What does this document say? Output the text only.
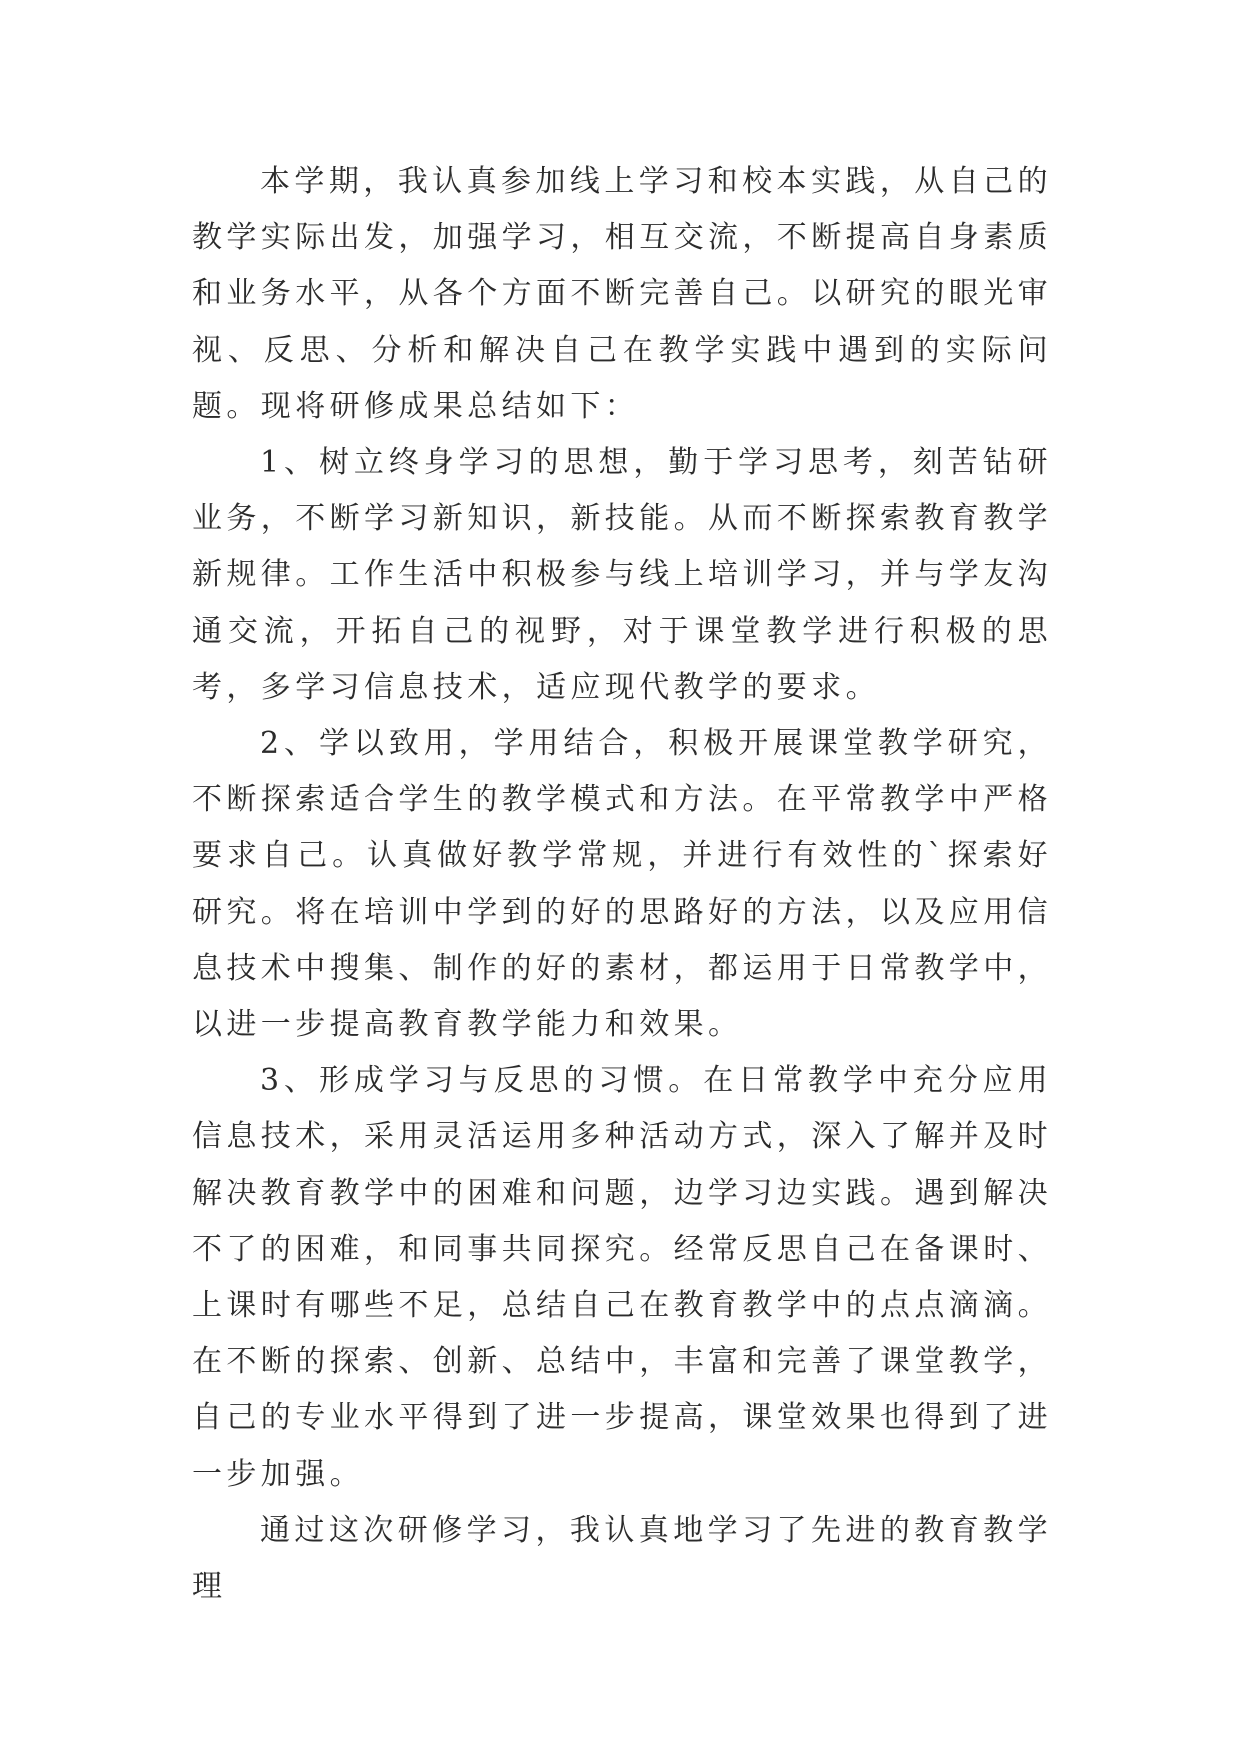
本学期，我认真参加线上学习和校本实践，从自己的教学实际出发，加强学习，相互交流，不断提高自身素质和业务水平，从各个方面不断完善自己。以研究的眼光审视、反思、分析和解决自己在教学实践中遇到的实际问题。现将研修成果总结如下：

1、树立终身学习的思想，勤于学习思考，刻苦钻研业务，不断学习新知识，新技能。从而不断探索教育教学新规律。工作生活中积极参与线上培训学习，并与学友沟通交流，开拓自己的视野，对于课堂教学进行积极的思考，多学习信息技术，适应现代教学的要求。

2、学以致用，学用结合，积极开展课堂教学研究，不断探索适合学生的教学模式和方法。在平常教学中严格要求自己。认真做好教学常规，并进行有效性的`探索好研究。将在培训中学到的好的思路好的方法，以及应用信息技术中搜集、制作的好的素材，都运用于日常教学中，以进一步提高教育教学能力和效果。

3、形成学习与反思的习惯。在日常教学中充分应用信息技术，采用灵活运用多种活动方式，深入了解并及时解决教育教学中的困难和问题，边学习边实践。遇到解决不了的困难，和同事共同探究。经常反思自己在备课时、上课时有哪些不足，总结自己在教育教学中的点点滴滴。在不断的探索、创新、总结中，丰富和完善了课堂教学，自己的专业水平得到了进一步提高，课堂效果也得到了进一步加强。

通过这次研修学习，我认真地学习了先进的教育教学理
